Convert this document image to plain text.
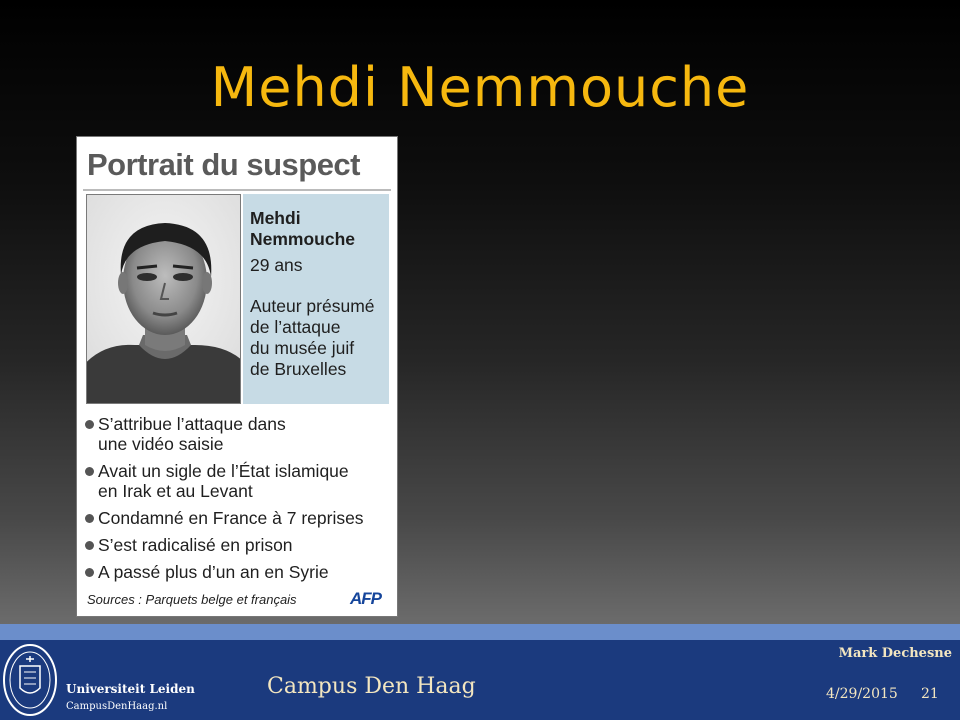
Mehdi Nemmouche
Portrait du suspect
Mehdi
Nemmouche
29 ans
Auteur présumé
de l’attaque
du musée juif
de Bruxelles
S’attribue l’attaque dans
une vidéo saisie
Avait un sigle de l’État islamique
en Irak et au Levant
Condamné en France à 7 reprises
S’est radicalisé en prison
A passé plus d’un an en Syrie
Sources : Parquets belge et français	AFP
Universiteit Leiden
CampusDenHaag.nl
Campus Den Haag
Mark Dechesne
4/29/2015 21
